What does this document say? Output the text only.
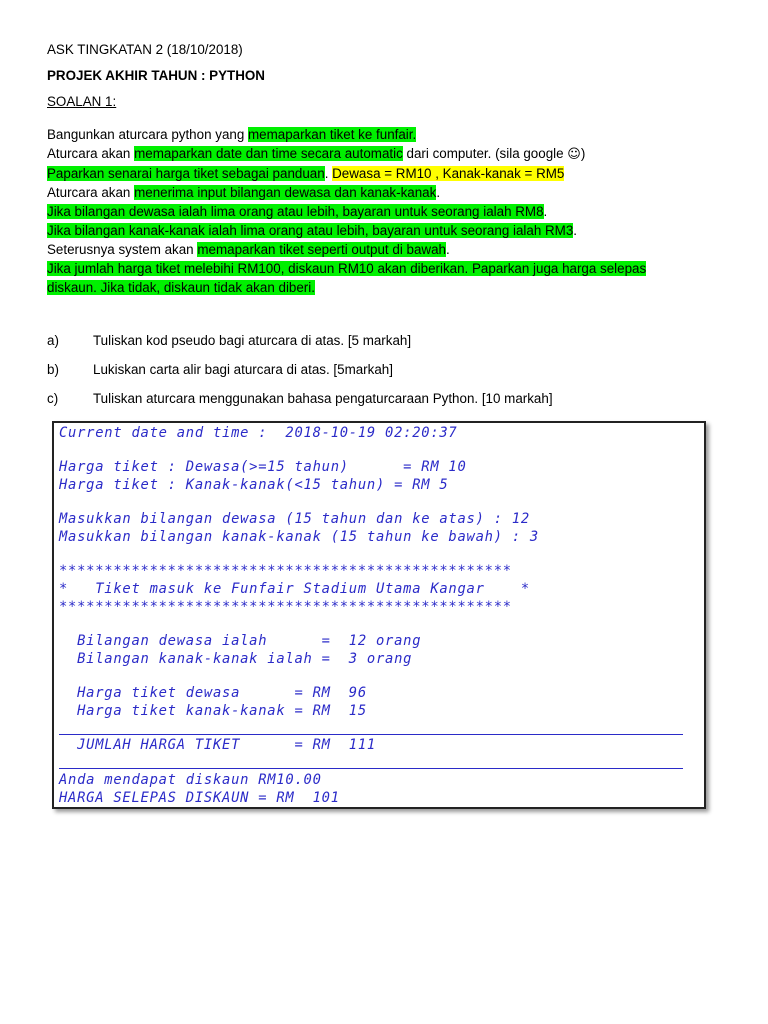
ASK TINGKATAN 2 (18/10/2018)
PROJEK AKHIR TAHUN : PYTHON
SOALAN 1:
Bangunkan aturcara python yang memaparkan tiket ke funfair.
Aturcara akan memaparkan date dan time secara automatic dari computer. (sila google ☺)
Paparkan senarai harga tiket sebagai panduan. Dewasa = RM10 , Kanak-kanak = RM5
Aturcara akan menerima input bilangan dewasa dan kanak-kanak.
Jika bilangan dewasa ialah lima orang atau lebih, bayaran untuk seorang ialah RM8.
Jika bilangan kanak-kanak ialah lima orang atau lebih, bayaran untuk seorang ialah RM3.
Seterusnya system akan memaparkan tiket seperti output di bawah.
Jika jumlah harga tiket melebihi RM100, diskaun RM10 akan diberikan. Paparkan juga harga selepas
diskaun. Jika tidak, diskaun tidak akan diberi.
a)	Tuliskan kod pseudo bagi aturcara di atas. [5 markah]
b)	Lukiskan carta alir bagi aturcara di atas. [5markah]
c)	Tuliskan aturcara menggunakan bahasa pengaturcaraan Python. [10 markah]
Current date and time :  2018-10-19 02:20:37
Harga tiket : Dewasa(>=15 tahun)      = RM 10
Harga tiket : Kanak-kanak(<15 tahun) = RM 5
Masukkan bilangan dewasa (15 tahun dan ke atas) : 12
Masukkan bilangan kanak-kanak (15 tahun ke bawah) : 3
**************************************************
*   Tiket masuk ke Funfair Stadium Utama Kangar    *
**************************************************
Bilangan dewasa ialah      =  12 orang
Bilangan kanak-kanak ialah =  3 orang
Harga tiket dewasa      = RM  96
Harga tiket kanak-kanak = RM  15
JUMLAH HARGA TIKET      = RM  111
Anda mendapat diskaun RM10.00
HARGA SELEPAS DISKAUN = RM  101
